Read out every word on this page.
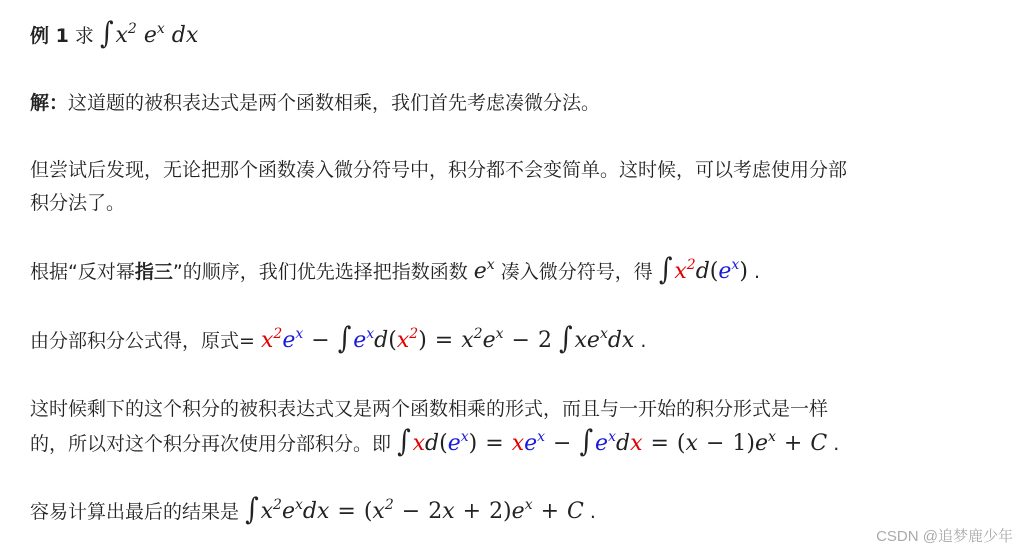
例 1 求 $\int x^2$ $e^x$ dx
解：这道题的被积表达式是两个函数相乘，我们首先考虑凑微分法。
但尝试后发现，无论把那个函数凑入微分符号中，积分都不会变简单。这时候，可以考虑使用分部
积分法了。
根据“反对幂指三”的顺序，我们优先选择把指数函数 $e^x$ 凑入微分符号，得 $\int x^2d(e^x)$ .
由分部积分公式得，原式= $x^2e^x - \int e^xd(x^2) = x^2e^x - 2$ $\int xe^xdx$ .
这时候剩下的这个积分的被积表达式又是两个函数相乘的形式，而且与一开始的积分形式是一样
的，所以对这个积分再次使用分部积分。即 $\int xd(e^x) = xe^x - \int e^xdx = (x - 1)e^x + C$ .
容易计算出最后的结果是 $\int x^2e^xdx = (x^2 - 2x + 2)e^x + C$ .
CSDN @追梦鹿少年
